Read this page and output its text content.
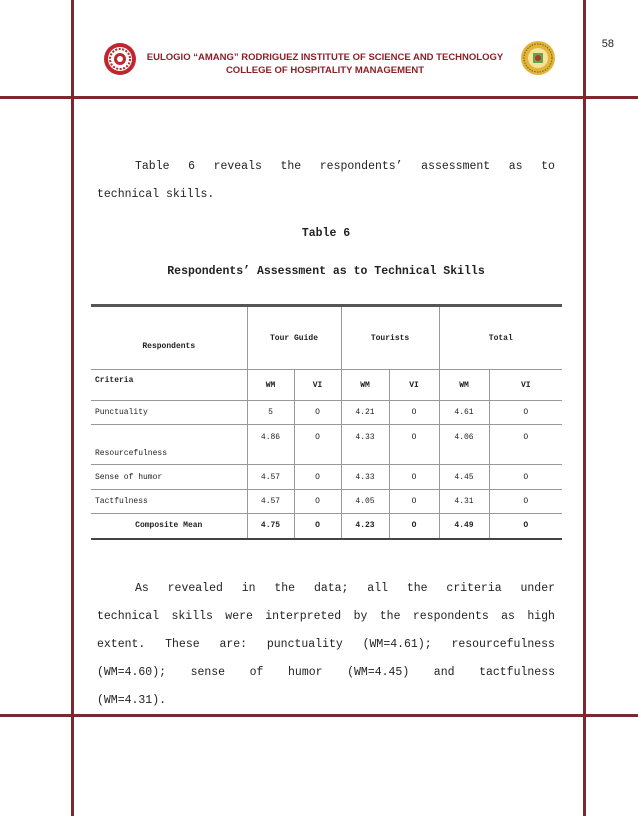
58
EULOGIO “AMANG” RODRIGUEZ INSTITUTE OF SCIENCE AND TECHNOLOGY
COLLEGE OF HOSPITALITY MANAGEMENT
Table 6 reveals the respondents’ assessment as to
technical skills.
Table 6
Respondents’ Assessment as to Technical Skills
Respondents	Tour Guide		Tourists		Total	
Criteria	WM	VI	WM	VI	WM	VI
Punctuality	5	O	4.21	O	4.61	O
Resourcefulness	4.86	O	4.33	O	4.06	O
Sense of humor	4.57	O	4.33	O	4.45	O
Tactfulness	4.57	O	4.05	O	4.31	O
Composite Mean	4.75	O	4.23	O	4.49	O
As revealed in the data; all the criteria under
technical skills were interpreted by the respondents as high
extent. These are: punctuality (WM=4.61); resourcefulness
(WM=4.60); sense of humor (WM=4.45) and tactfulness
(WM=4.31).
